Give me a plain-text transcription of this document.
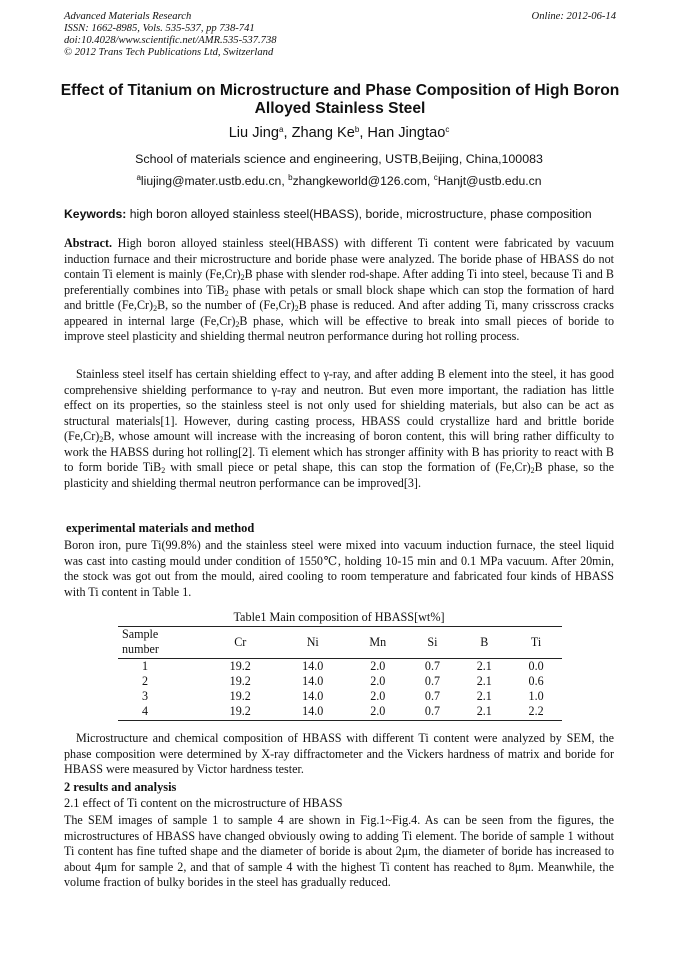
Advanced Materials Research
ISSN: 1662-8985, Vols. 535-537, pp 738-741
doi:10.4028/www.scientific.net/AMR.535-537.738
© 2012 Trans Tech Publications Ltd, Switzerland
Online: 2012-06-14
Effect of Titanium on Microstructure and Phase Composition of High Boron Alloyed Stainless Steel
Liu Jing$^a$, Zhang Ke$^b$, Han Jingtao$^c$
School of materials science and engineering, USTB,Beijing, China,100083
$^a$liujing@mater.ustb.edu.cn, $^b$zhangkeworld@126.com, $^c$Hanjt@ustb.edu.cn
Keywords: high boron alloyed stainless steel(HBASS), boride, microstructure, phase composition
Abstract. High boron alloyed stainless steel(HBASS) with different Ti content were fabricated by vacuum induction furnace and their microstructure and boride phase were analyzed. The boride phase of HBASS do not contain Ti element is mainly $(Fe,Cr)_2B$ phase with slender rod-shape. After adding Ti into steel, because Ti and B preferentially combines into TiB$_2$ phase with petals or small block shape which can stop the formation of hard and brittle $(Fe,Cr)_2B$, so the number of $(Fe,Cr)_2B$ phase is reduced. And after adding Ti, many crisscross cracks appeared in internal large $(Fe,Cr)_2B$ phase, which will be effective to break into small pieces of boride to improve steel plasticity and shielding thermal neutron performance during hot rolling process.
Stainless steel itself has certain shielding effect to γ-ray, and after adding B element into the steel, it has good comprehensive shielding performance to γ-ray and neutron. But even more important, the radiation has little effect on its properties, so the stainless steel is not only used for shielding materials, but also can be act as structural materials[1]. However, during casting process, HBASS could crystallize hard and brittle boride $(Fe,Cr)_2B$, whose amount will increase with the increasing of boron content, this will bring rather difficulty to work the HABSS during hot rolling[2]. Ti element which has stronger affinity with B has priority to react with B to form boride TiB$_2$ with small piece or petal shape, this can stop the formation of $(Fe,Cr)_2B$ phase, so the plasticity and shielding thermal neutron performance can be improved[3].
experimental materials and method
Boron iron, pure Ti(99.8%) and the stainless steel were mixed into vacuum induction furnace, the steel liquid was cast into casting mould under condition of 1550℃, holding 10-15 min and 0.1 MPa vacuum. After 20min, the stock was got out from the mould, aired cooling to room temperature and fabricated four kinds of HBASS with Ti content in Table 1.
Table1 Main composition of HBASS[wt%]
Sample
number	Cr	Ni	Mn	Si	B	Ti
1	19.2	14.0	2.0	0.7	2.1	0.0
2	19.2	14.0	2.0	0.7	2.1	0.6
3	19.2	14.0	2.0	0.7	2.1	1.0
4	19.2	14.0	2.0	0.7	2.1	2.2
Microstructure and chemical composition of HBASS with different Ti content were analyzed by SEM, the phase composition were determined by X-ray diffractometer and the Vickers hardness of matrix and boride for HBASS were measured by Victor hardness tester.
2 results and analysis
2.1 effect of Ti content on the microstructure of HBASS
The SEM images of sample 1 to sample 4 are shown in Fig.1~Fig.4. As can be seen from the figures, the microstructures of HBASS have changed obviously owing to adding Ti element. The boride of sample 1 without Ti content has fine tufted shape and the diameter of boride is about 2μm, the diameter of boride has increased to about 4μm for sample 2, and that of sample 4 with the highest Ti content has reached to 8μm. Meanwhile, the volume fraction of bulky borides in the steel has gradually reduced.
